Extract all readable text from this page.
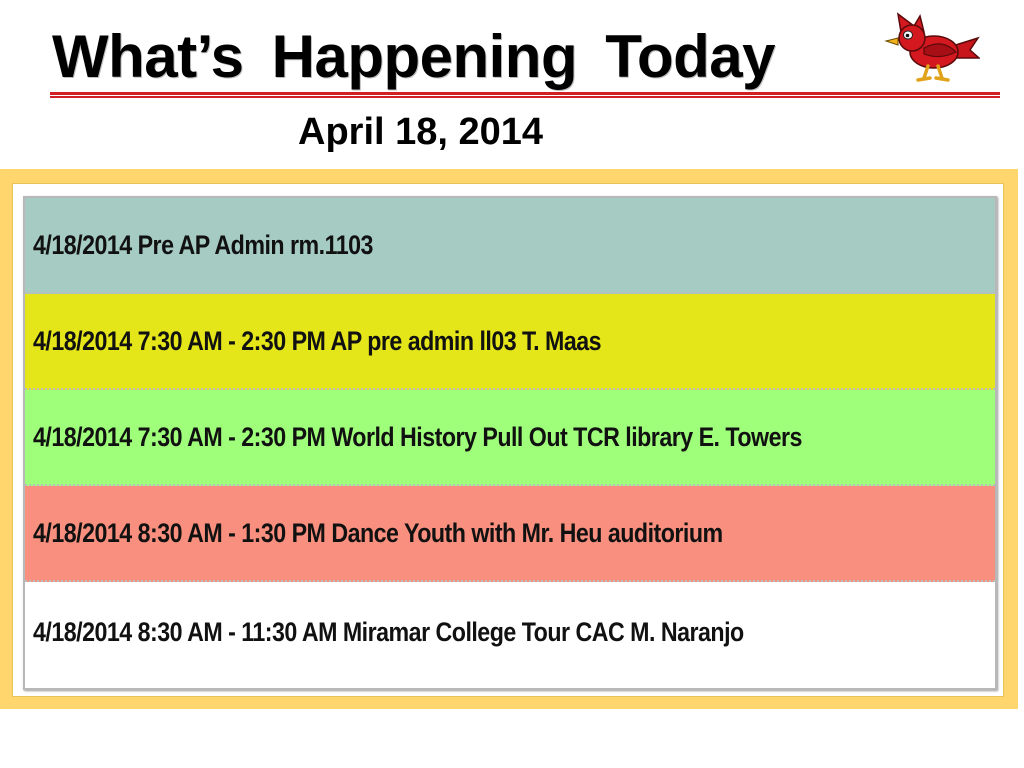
What’s Happening Today
April 18, 2014
4/18/2014 Pre AP Admin rm.1103
4/18/2014 7:30 AM - 2:30 PM AP pre admin ll03 T. Maas
4/18/2014 7:30 AM - 2:30 PM World History Pull Out TCR library E. Towers
4/18/2014 8:30 AM - 1:30 PM Dance Youth with Mr. Heu auditorium
4/18/2014 8:30 AM - 11:30 AM Miramar College Tour CAC M. Naranjo
